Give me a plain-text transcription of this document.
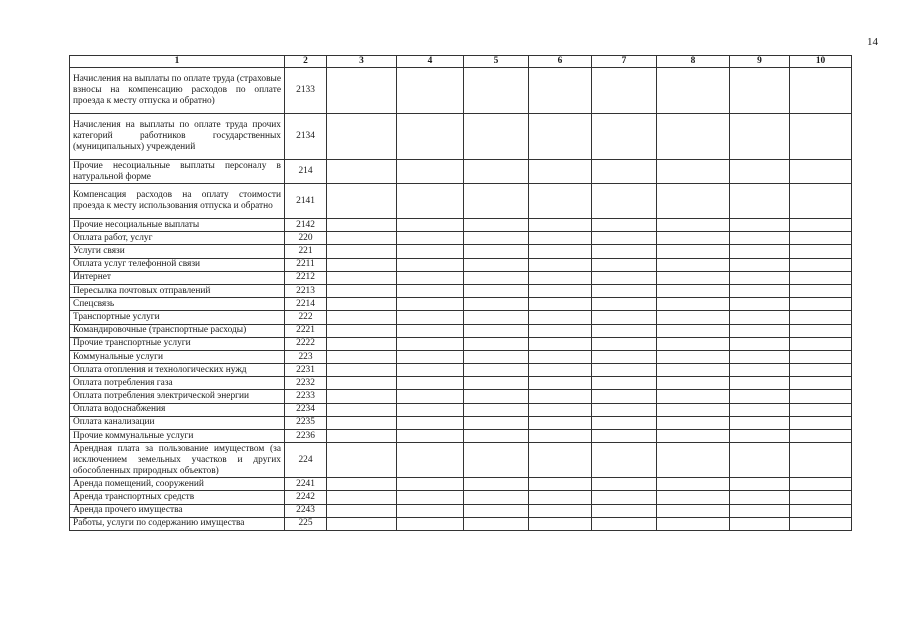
14
1	2	3	4	5	6	7	8	9	10
Начисления на выплаты по оплате труда (страховые взносы на компенсацию расходов по оплате проезда к месту отпуска и обратно)	2133								
Начисления на выплаты по оплате труда прочих категорий работников государственных (муниципальных) учреждений	2134								
Прочие несоциальные выплаты персоналу в натуральной форме	214								
Компенсация расходов на оплату стоимости проезда к месту использования отпуска и обратно	2141								
Прочие несоциальные выплаты	2142								
Оплата работ, услуг	220								
Услуги связи	221								
Оплата услуг телефонной связи	2211								
Интернет	2212								
Пересылка почтовых отправлений	2213								
Спецсвязь	2214								
Транспортные услуги	222								
Командировочные (транспортные расходы)	2221								
Прочие транспортные услуги	2222								
Коммунальные услуги	223								
Оплата отопления и технологических нужд	2231								
Оплата потребления газа	2232								
Оплата потребления электрической энергии	2233								
Оплата водоснабжения	2234								
Оплата канализации	2235								
Прочие коммунальные услуги	2236								
Арендная плата за пользование имуществом (за исключением земельных участков и других обособленных природных объектов)	224								
Аренда помещений, сооружений	2241								
Аренда транспортных средств	2242								
Аренда прочего имущества	2243								
Работы, услуги по содержанию имущества	225								
